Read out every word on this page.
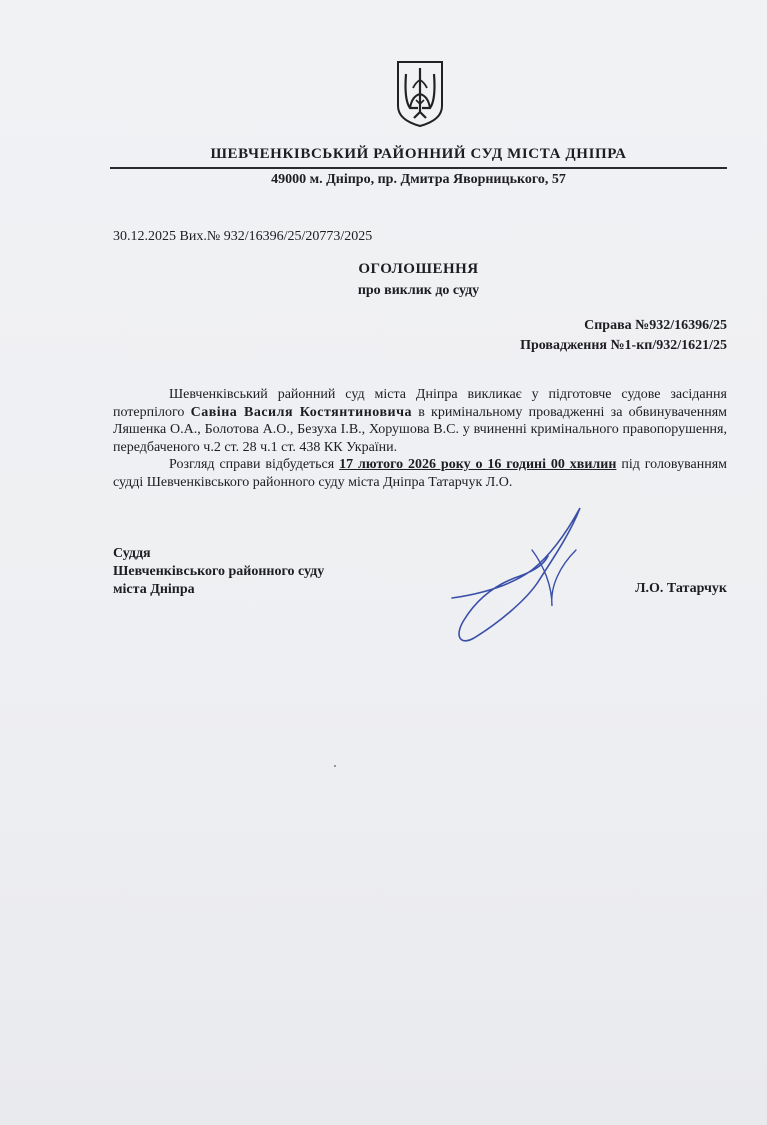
ШЕВЧЕНКІВСЬКИЙ РАЙОННИЙ СУД МІСТА ДНІПРА
49000 м. Дніпро, пр. Дмитра Яворницького, 57
30.12.2025 Вих.№ 932/16396/25/20773/2025
ОГОЛОШЕННЯ
про виклик до суду
Справа №932/16396/25
Провадження №1-кп/932/1621/25

Шевченківський районний суд міста Дніпра викликає у підготовче судове засідання потерпілого Савіна Василя Костянтиновича в кримінальному провадженні за обвинуваченням Ляшенка О.А., Болотова А.О., Безуха І.В., Хорушова В.С. у вчиненні кримінального правопорушення, передбаченого ч.2 ст. 28 ч.1 ст. 438 КК України.

Розгляд справи відбудеться 17 лютого 2026 року о 16 годині 00 хвилин під головуванням судді Шевченківського районного суду міста Дніпра Татарчук Л.О.

Суддя
Шевченківського районного суду
міста Дніпра	Л.О. Татарчук
